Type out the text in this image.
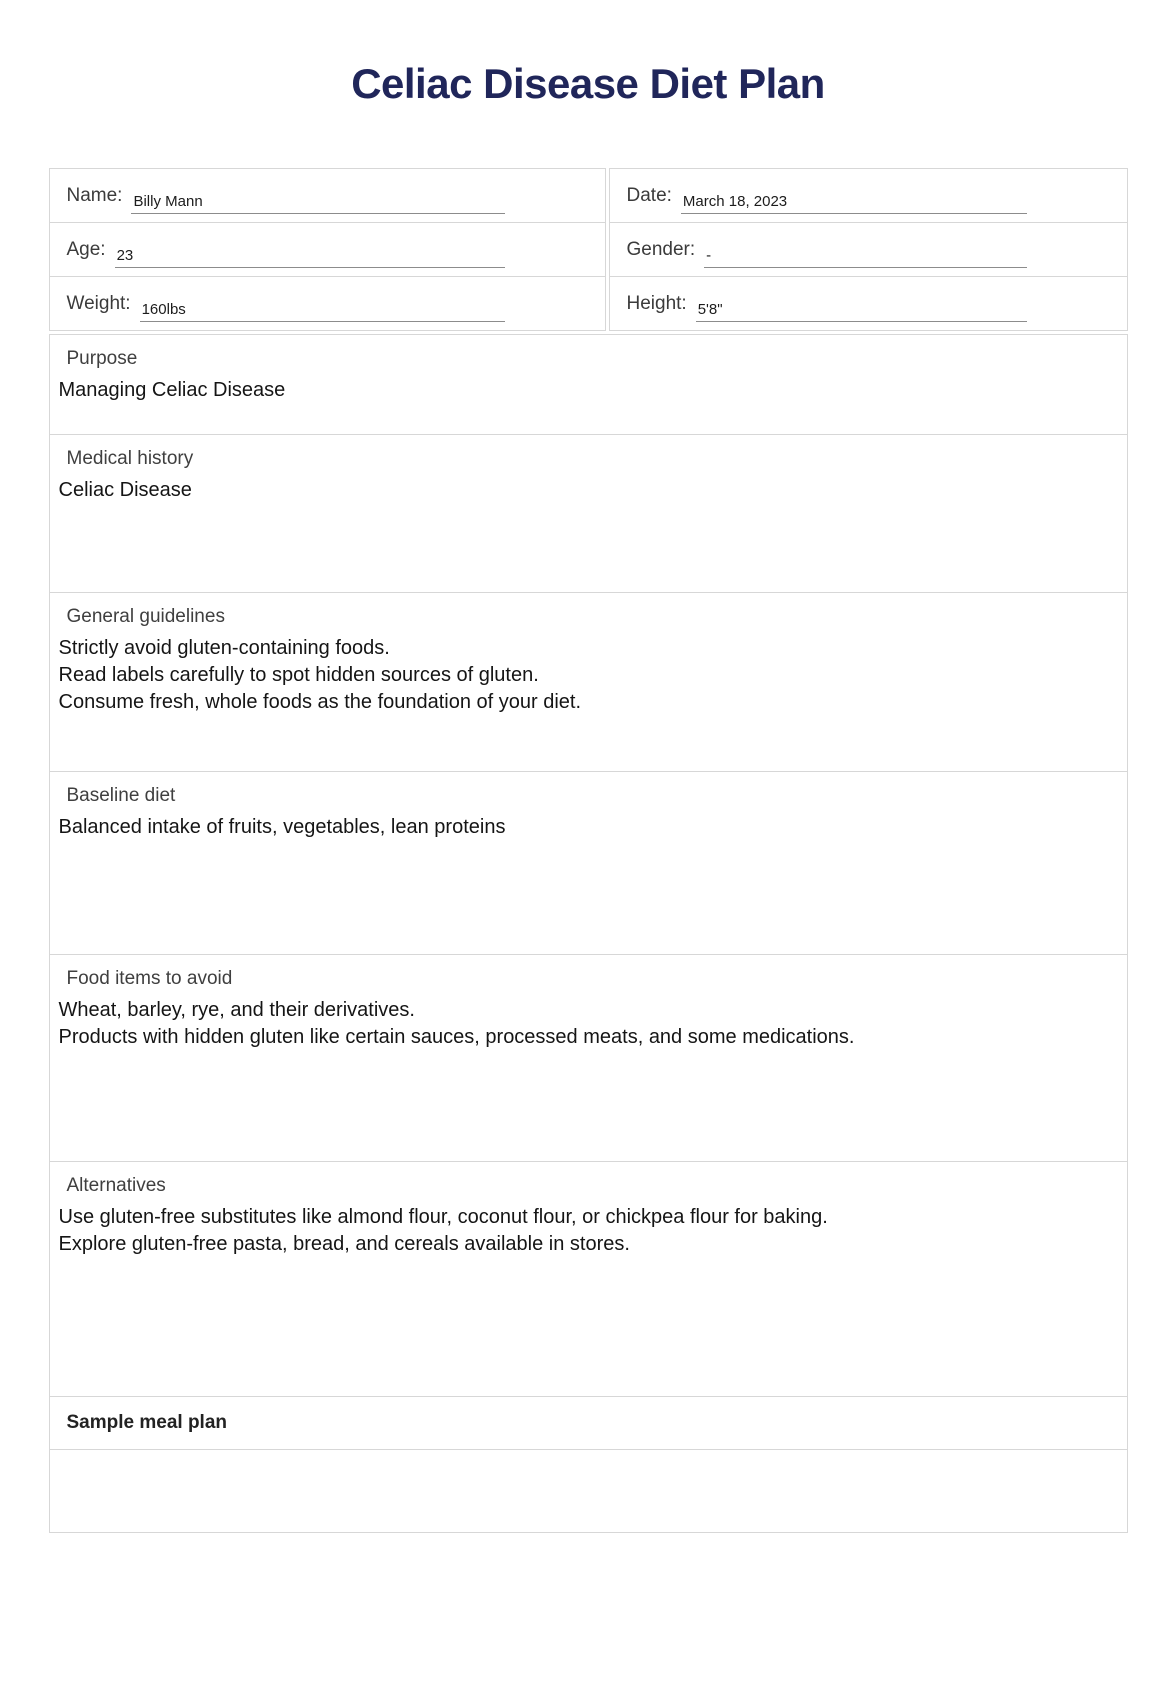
Celiac Disease Diet Plan
Name: Billy Mann
Age: 23
Weight: 160lbs
Date: March 18, 2023
Gender: -
Height: 5'8"
Purpose
Managing Celiac Disease
Medical history
Celiac Disease
General guidelines
Strictly avoid gluten-containing foods.
Read labels carefully to spot hidden sources of gluten.
Consume fresh, whole foods as the foundation of your diet.
Baseline diet
Balanced intake of fruits, vegetables, lean proteins
Food items to avoid
Wheat, barley, rye, and their derivatives.
Products with hidden gluten like certain sauces, processed meats, and some medications.
Alternatives
Use gluten-free substitutes like almond flour, coconut flour, or chickpea flour for baking.
Explore gluten-free pasta, bread, and cereals available in stores.
Sample meal plan
